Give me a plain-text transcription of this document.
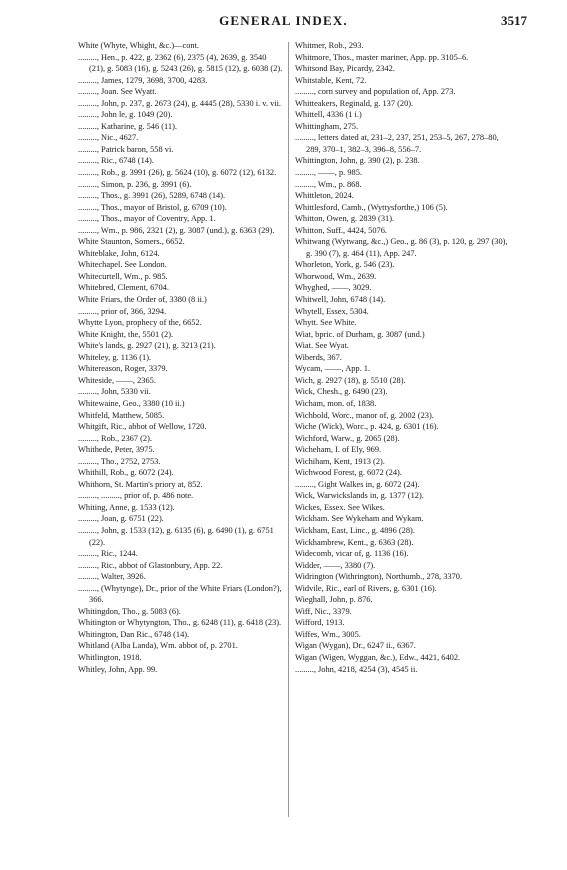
GENERAL INDEX.	3517
White (Whyte, Whight, &c.)—cont.
........., Hen., p. 422, g. 2362 (6), 2375 (4), 2639, g. 3540 (21), g. 5083 (16), g. 5243 (26), g. 5815 (12), g. 6038 (2).
........., James, 1279, 3698, 3700, 4283.
........., Joan. See Wyatt.
........., John, p. 237, g. 2673 (24), g. 4445 (28), 5330 i. v. vii.
........., John le, g. 1049 (20).
........., Katharine, g. 546 (11).
........., Nic., 4627.
........., Patrick baron, 558 vi.
........., Ric., 6748 (14).
........., Rob., g. 3991 (26), g. 5624 (10), g. 6072 (12), 6132.
........., Simon, p. 236, g. 3991 (6).
........., Thos., g. 3991 (26), 5289, 6748 (14).
........., Thos., mayor of Bristol, g. 6709 (10).
........., Thos., mayor of Coventry, App. 1.
........., Wm., p. 986, 2321 (2), g. 3087 (und.), g. 6363 (29).
White Staunton, Somers., 6652.
Whiteblake, John, 6124.
Whitechapel. See London.
Whitecurtell, Wm., p. 985.
Whitebred, Clement, 6704.
White Friars, the Order of, 3380 (8 ii.)
........., prior of, 366, 3294.
Whytte Lyon, prophecy of the, 6652.
White Knight, the, 5501 (2).
White's lands, g. 2927 (21), g. 3213 (21).
Whiteley, g. 1136 (1).
Whitereason, Roger, 3379.
Whiteside, ——, 2365.
........., John, 5330 vii.
Whitewaine, Geo., 3380 (10 ii.)
Whitfeld, Matthew, 5085.
Whitgift, Ric., abbot of Wellow, 1720.
........., Rob., 2367 (2).
Whithede, Peter, 3975.
........., Tho., 2752, 2753.
Whithill, Rob., g. 6072 (24).
Whithorn, St. Martin's priory at, 852.
........., ........., prior of, p. 486 note.
Whiting, Anne, g. 1533 (12).
........., Joan, g. 6751 (22).
........., John, g. 1533 (12), g. 6135 (6), g. 6490 (1), g. 6751 (22).
........., Ric., 1244.
........., Ric., abbot of Glastonbury, App. 22.
........., Walter, 3926.
........., (Whytynge), Dr., prior of the White Friars (London?), 366.
Whitingdon, Tho., g. 5083 (6).
Whitington or Whytyngton, Tho., g. 6248 (11), g. 6418 (23).
Whitington, Dan Ric., 6748 (14).
Whitland (Alba Landa), Wm. abbot of, p. 2701.
Whitlington, 1918.
Whitley, John, App. 99.
Whitmer, Rob., 293.
Whitmore, Thos., master mariner, App. pp. 3105–6.
Whitsond Bay, Picardy, 2342.
Whitstable, Kent, 72.
........., corn survey and population of, App. 273.
Whitteakers, Reginald, g. 137 (20).
Whittell, 4336 (1 i.)
Whittingham, 275.
........., letters dated at, 231–2, 237, 251, 253–5, 267, 278–80, 289, 370–1, 382–3, 396–8, 556–7.
Whittington, John, g. 390 (2), p. 238.
........., ——, p. 985.
........., Wm., p. 868.
Whittleton, 2024.
Whittlesford, Camb., (Wyttysforthe,) 106 (5).
Whitton, Owen, g. 2839 (31).
Whitton, Suff., 4424, 5076.
Whitwang (Wytwang, &c.,) Geo., g. 86 (3), p. 120, g. 297 (30), g. 390 (7), g. 464 (11), App. 247.
Whorleton, York, g. 546 (23).
Whorwood, Wm., 2639.
Whyghed, ——, 3029.
Whitwell, John, 6748 (14).
Whytell, Essex, 5304.
Whytt. See White.
Wiat, bpric. of Durham, g. 3087 (und.)
Wiat. See Wyat.
Wiberds, 367.
Wycam, ——, App. 1.
Wich, g. 2927 (18), g. 5510 (28).
Wick, Chesh., g. 6490 (23).
Wicham, mon. of, 1838.
Wichbold, Worc., manor of, g. 2002 (23).
Wiche (Wick), Worc., p. 424, g. 6301 (16).
Wichford, Warw., g. 2065 (28).
Wicheham, I. of Ely, 969.
Wichiham, Kent, 1913 (2).
Wichwood Forest, g. 6072 (24).
........., Gight Walkes in, g. 6072 (24).
Wick, Warwickslands in, g. 1377 (12).
Wickes, Essex. See Wikes.
Wickham. See Wykeham and Wykam.
Wickham, East, Linc., g. 4896 (28).
Wickhambrew, Kent., g. 6363 (28).
Widecomb, vicar of, g. 1136 (16).
Widder, ——, 3380 (7).
Widrington (Withrington), Northumb., 278, 3370.
Widvile, Ric., earl of Rivers, g. 6301 (16).
Wieghall, John, p. 876.
Wiff, Nic., 3379.
Wifford, 1913.
Wiffes, Wm., 3005.
Wigan (Wygan), Dr., 6247 ii., 6367.
Wigan (Wigen, Wyggan, &c.), Edw., 4421, 6402.
........., John, 4218, 4254 (3), 4545 ii.
